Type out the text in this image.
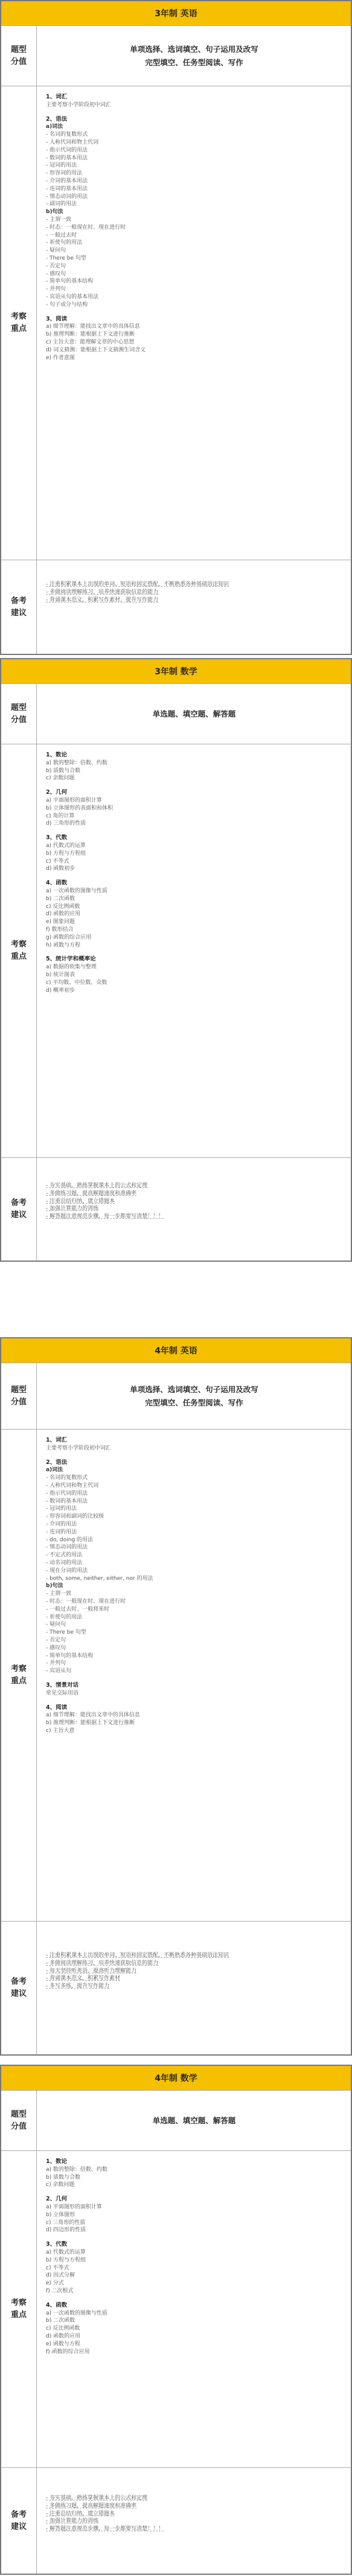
3年制 英语
题型分值
单项选择、选词填空、句子运用及改写
完型填空、任务型阅读、写作
考察重点
1、词汇
主要考察小学阶段初中词汇
2、语法
a)词法
- 名词的复数形式
- 人称代词和物主代词
- 指示代词的用法
- 数词的基本用法
- 冠词的用法
- 形容词的用法
- 介词的基本用法
- 连词的基本用法
- 情态动词的用法
- 副词的用法
b)句法
- 主谓一致
- 时态：一般现在时、现在进行时
- 一般过去时
- 祈使句的用法
- 疑问句
- There be 句型
- 否定句
- 感叹句
- 简单句的基本结构
- 并列句
- 宾语从句的基本用法
- 句子成分与结构
3、阅读
a) 细节理解：能找出文章中的具体信息
b) 推理判断：能根据上下文进行推断
c) 主旨大意：能理解文章的中心思想
d) 词义猜测：能根据上下文猜测生词含义
e) 作者意图
备考建议
- 注重积累课本上出现的单词、短语和固定搭配，不断熟悉各种基础语法知识
- 多做阅读理解练习，培养快速获取信息的能力
- 背诵课本范文，积累写作素材，提升写作能力
3年制 数学
题型分值
单选题、填空题、解答题
考察重点
1、数论
a) 数的整除：倍数、约数
b) 质数与合数
c) 余数问题
2、几何
a) 平面图形的面积计算
b) 立体图形的表面积和体积
c) 角的计算
d) 三角形的性质
3、代数
a) 代数式的运算
b) 方程与方程组
c) 不等式
d) 函数初步
4、函数
a) 一次函数的图像与性质
b) 二次函数
c) 反比例函数
d) 函数的应用
e) 图象问题
f) 数形结合
g) 函数的综合应用
h) 函数与方程
5、统计学和概率论
a) 数据的收集与整理
b) 统计图表
c) 平均数、中位数、众数
d) 概率初步
备考建议
- 夯实基础，熟练掌握课本上的公式和定理
- 多做练习题，提高解题速度和准确率
- 注重总结归纳，建立错题本
- 加强计算能力的训练
- 解答题注意规范步骤，每一步都要写清楚！！！
4年制 英语
题型分值
单项选择、选词填空、句子运用及改写
完型填空、任务型阅读、写作
考察重点
1、词汇
主要考察小学阶段初中词汇
2、语法
a)词法
- 名词的复数形式
- 人称代词和物主代词
- 指示代词的用法
- 数词的基本用法
- 冠词的用法
- 形容词和副词的比较级
- 介词的用法
- 连词的用法
- do, doing 的用法
- 情态动词的用法
- 不定式的用法
- 动名词的用法
- 现在分词的用法
- both, some, neither, either, nor 的用法
b)句法
- 主谓一致
- 时态：一般现在时、现在进行时
- 一般过去时、一般将来时
- 祈使句的用法
- 疑问句
- There be 句型
- 否定句
- 感叹句
- 简单句的基本结构
- 并列句
- 宾语从句
3、情景对话
常见交际用语
4、阅读
a) 细节理解：能找出文章中的具体信息
b) 推理判断：能根据上下文进行推断
c) 主旨大意
备考建议
- 注重积累课本上出现的单词、短语和固定搭配，不断熟悉各种基础语法知识
- 多做阅读理解练习，培养快速获取信息的能力
- 每天坚持听英语，提高听力理解能力
- 背诵课本范文，积累写作素材
- 多写多练，提升写作能力
4年制 数学
题型分值
单选题、填空题、解答题
考察重点
1、数论
a) 数的整除：倍数、约数
b) 质数与合数
c) 余数问题
2、几何
a) 平面图形的面积计算
b) 立体图形
c) 三角形的性质
d) 四边形的性质
3、代数
a) 代数式的运算
b) 方程与方程组
c) 不等式
d) 因式分解
e) 分式
f) 二次根式
4、函数
a) 一次函数的图像与性质
b) 二次函数
c) 反比例函数
d) 函数的应用
e) 函数与方程
f) 函数的综合应用
备考建议
- 夯实基础，熟练掌握课本上的公式和定理
- 多做练习题，提高解题速度和准确率
- 注重总结归纳，建立错题本
- 加强计算能力的训练
- 解答题注意规范步骤，每一步都要写清楚！！！
